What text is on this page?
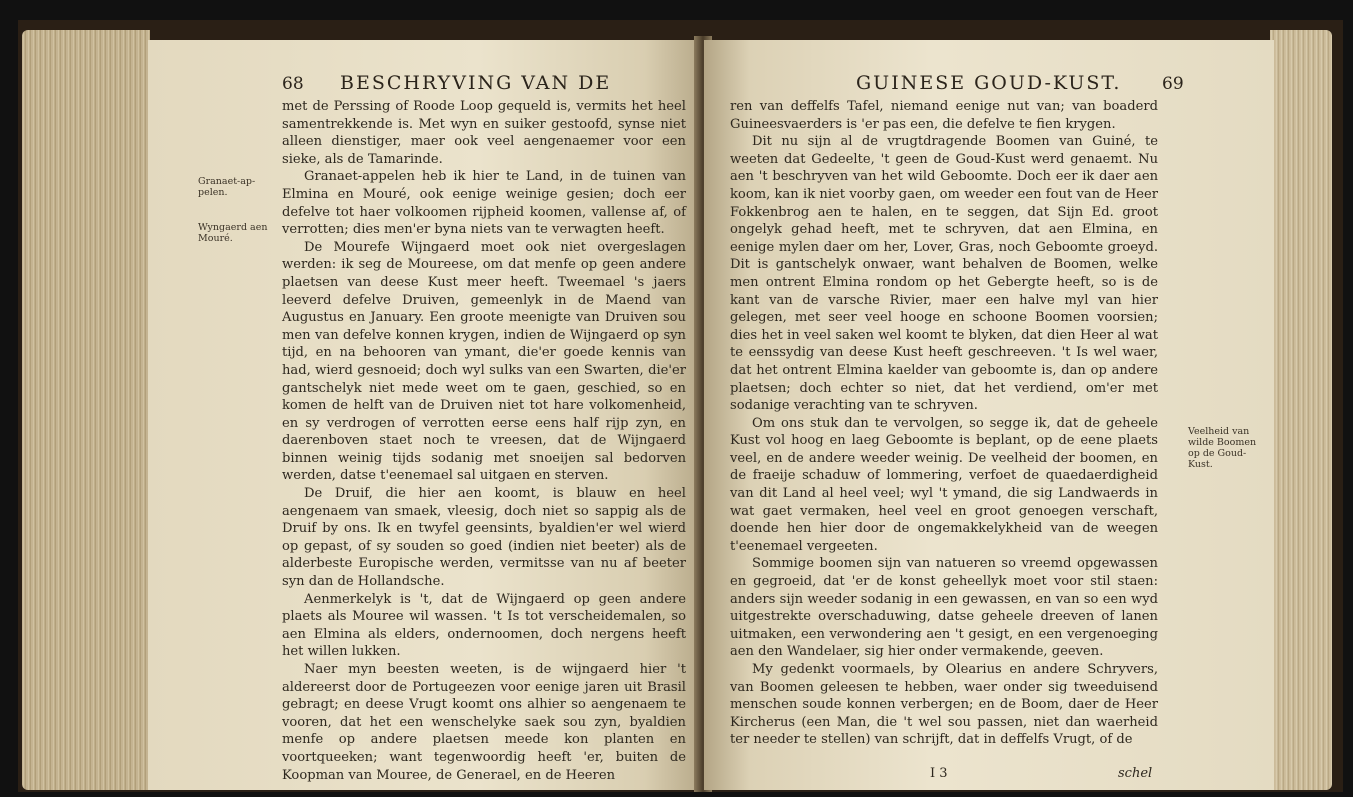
68 BESCHRYVING VAN DE
Granaet-ap-pelen.
Wyngaerd aen Mouré.

met de Perssing of Roode Loop gequeld is, vermits het heel samentrekkende is. Met wyn en suiker gestoofd, synse niet alleen dienstiger, maer ook veel aengenaemer voor een sieke, als de Tamarinde.

Granaet-appelen heb ik hier te Land, in de tuinen van Elmina en Mouré, ook eenige weinige gesien; doch eer defelve tot haer volkoomen rijpheid koomen, vallense af, of verrotten; dies men'er byna niets van te verwagten heeft.

De Mourefe Wijngaerd moet ook niet overgeslagen werden: ik seg de Moureese, om dat menfe op geen andere plaetsen van deese Kust meer heeft. Tweemael 's jaers leeverd defelve Druiven, gemeenlyk in de Maend van Augustus en January. Een groote meenigte van Druiven sou men van defelve konnen krygen, indien de Wijngaerd op syn tijd, en na behooren van ymant, die'er goede kennis van had, wierd gesnoeid; doch wyl sulks van een Swarten, die'er gantschelyk niet mede weet om te gaen, geschied, so en komen de helft van de Druiven niet tot hare volkomenheid, en sy verdrogen of verrotten eerse eens half rijp zyn, en daerenboven staet noch te vreesen, dat de Wijngaerd binnen weinig tijds sodanig met snoeijen sal bedorven werden, datse t'eenemael sal uitgaen en sterven.

De Druif, die hier aen koomt, is blauw en heel aengenaem van smaek, vleesig, doch niet so sappig als de Druif by ons. Ik en twyfel geensints, byaldien'er wel wierd op gepast, of sy souden so goed (indien niet beeter) als de alderbeste Europische werden, vermitsse van nu af beeter syn dan de Hollandsche.

Aenmerkelyk is 't, dat de Wijngaerd op geen andere plaets als Mouree wil wassen. 't Is tot verscheidemalen, so aen Elmina als elders, ondernoomen, doch nergens heeft het willen lukken.

Naer myn beesten weeten, is de wijngaerd hier 't aldereerst door de Portugeezen voor eenige jaren uit Brasil gebragt; en deese Vrugt koomt ons alhier so aengenaem te vooren, dat het een wenschelyke saek sou zyn, byaldien menfe op andere plaetsen meede kon planten en voortqueeken; want tegenwoordig heeft 'er, buiten de Koopman van Mouree, de Generael, en de Heeren

GUINESE GOUD-KUST. 69

ren van deffelfs Tafel, niemand eenige nut van; van boaderd Guineesvaerders is 'er pas een, die defelve te fien krygen.

Dit nu sijn al de vrugtdragende Boomen van Guiné, te weeten dat Gedeelte, 't geen de Goud-Kust werd genaemt. Nu aen 't beschryven van het wild Geboomte. Doch eer ik daer aen koom, kan ik niet voorby gaen, om weeder een fout van de Heer Fokkenbrog aen te halen, en te seggen, dat Sijn Ed. groot ongelyk gehad heeft, met te schryven, dat aen Elmina, en eenige mylen daer om her, Lover, Gras, noch Geboomte groeyd. Dit is gantschelyk onwaer, want behalven de Boomen, welke men ontrent Elmina rondom op het Gebergte heeft, so is de kant van de varsche Rivier, maer een halve myl van hier gelegen, met seer veel hooge en schoone Boomen voorsien; dies het in veel saken wel koomt te blyken, dat dien Heer al wat te eenssydig van deese Kust heeft geschreeven. 't Is wel waer, dat het ontrent Elmina kaelder van geboomte is, dan op andere plaetsen; doch echter so niet, dat het verdiend, om'er met sodanige verachting van te schryven.

Om ons stuk dan te vervolgen, so segge ik, dat de geheele Kust vol hoog en laeg Geboomte is beplant, op de eene plaets veel, en de andere weeder weinig. De veelheid der boomen, en de fraeije schaduw of lommering, verfoet de quaedaerdigheid van dit Land al heel veel; wyl 't ymand, die sig Landwaerds in wat gaet vermaken, heel veel en groot genoegen verschaft, doende hen hier door de ongemakkelykheid van de weegen t'eenemael vergeeten.

Sommige boomen sijn van natueren so vreemd opgewassen en gegroeid, dat 'er de konst geheellyk moet voor stil staen: anders sijn weeder sodanig in een gewassen, en van so een wyd uitgestrekte overschaduwing, datse geheele dreeven of lanen uitmaken, een verwondering aen 't gesigt, en een vergenoeging aen den Wandelaer, sig hier onder vermakende, geeven.

My gedenkt voormaels, by Olearius en andere Schryvers, van Boomen geleesen te hebben, waer onder sig tweeduisend menschen soude konnen verbergen; en de Boom, daer de Heer Kircherus (een Man, die 't wel sou passen, niet dan waerheid ter needer te stellen) van schrijft, dat in deffelfs Vrugt, of de

Veelheid van wilde Boomen op de Goud-Kust.
I 3	schel
